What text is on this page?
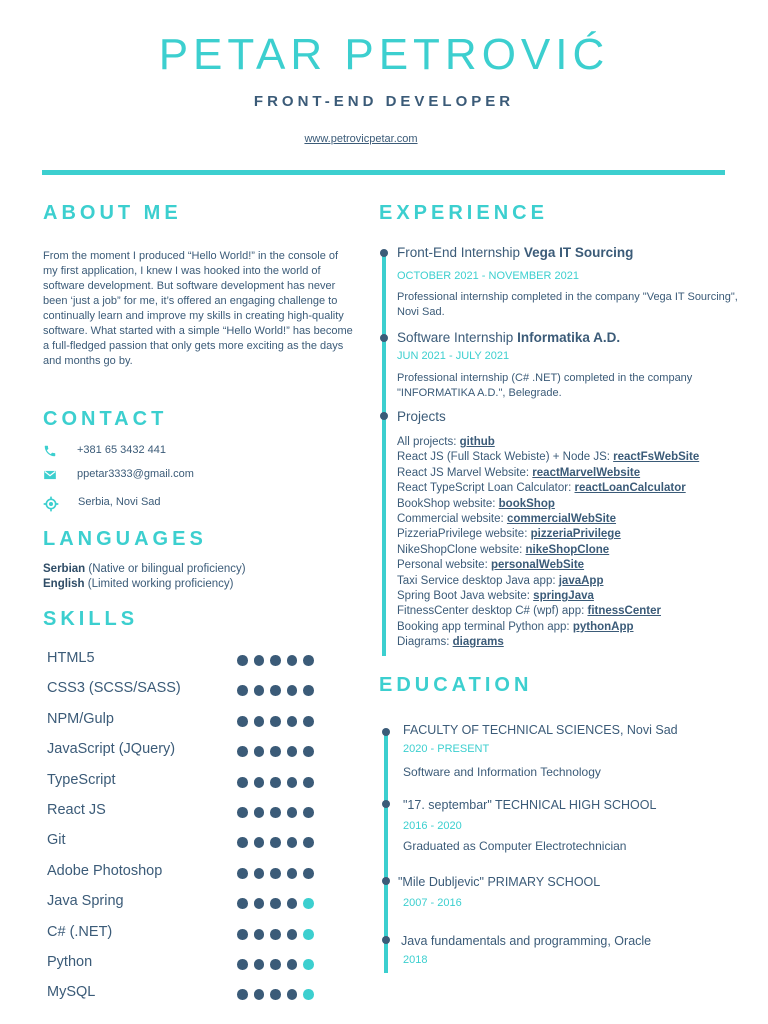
PETAR PETROVIĆ
FRONT-END DEVELOPER
www.petrovicpetar.com
ABOUT ME
From the moment I produced “Hello World!” in the console of my first application, I knew I was hooked into the world of software development. But software development has never been ‘just a job” for me, it’s offered an engaging challenge to continually learn and improve my skills in creating high-quality software. What started with a simple “Hello World!” has become a full-fledged passion that only gets more exciting as the days and months go by.
CONTACT
+381 65 3432 441
ppetar3333@gmail.com
Serbia, Novi Sad
LANGUAGES
Serbian (Native or bilingual proficiency)
English (Limited working proficiency)
SKILLS
HTML5
CSS3 (SCSS/SASS)
NPM/Gulp
JavaScript (JQuery)
TypeScript
React JS
Git
Adobe Photoshop
Java Spring
C# (.NET)
Python
MySQL
EXPERIENCE
Front-End Internship Vega IT Sourcing
OCTOBER 2021 - NOVEMBER 2021
Professional internship completed in the company "Vega IT Sourcing", Novi Sad.
Software Internship Informatika A.D.
JUN 2021 - JULY 2021
Professional internship (C# .NET) completed in the company "INFORMATIKA A.D.", Belegrade.
Projects
All projects: github
React JS (Full Stack Webiste) + Node JS: reactFsWebSite
React JS Marvel Website: reactMarvelWebsite
React TypeScript Loan Calculator: reactLoanCalculator
BookShop website: bookShop
Commercial website: commercialWebSite
PizzeriaPrivilege website: pizzeriaPrivilege
NikeShopClone website: nikeShopClone
Personal website: personalWebSite
Taxi Service desktop Java app: javaApp
Spring Boot Java website: springJava
FitnessCenter desktop C# (wpf) app: fitnessCenter
Booking app terminal Python app: pythonApp
Diagrams: diagrams
EDUCATION
FACULTY OF TECHNICAL SCIENCES, Novi Sad
2020 - PRESENT
Software and Information Technology
"17. septembar" TECHNICAL HIGH SCHOOL
2016 - 2020
Graduated as Computer Electrotechnician
"Mile Dubljevic" PRIMARY SCHOOL
2007 - 2016
Java fundamentals and programming, Oracle
2018
